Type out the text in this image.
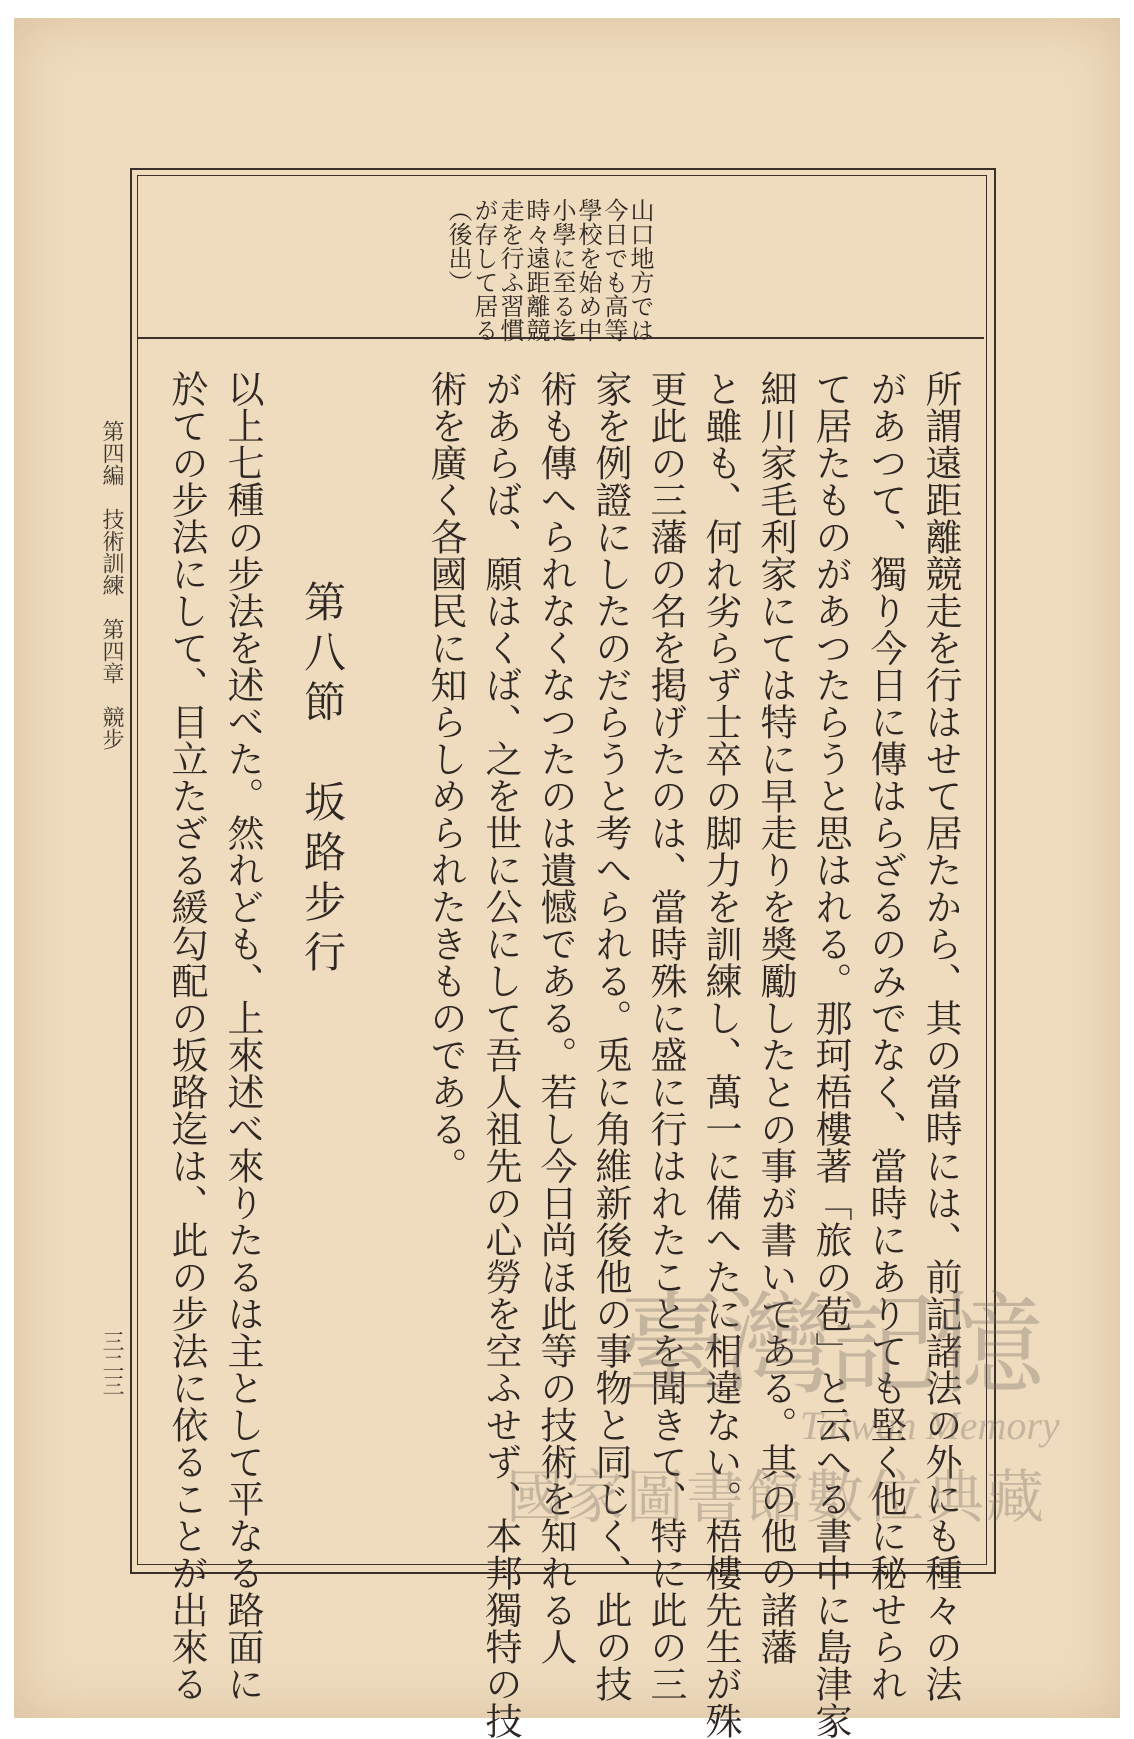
山口地方では
今日でも高等
學校を始め中
小學に至る迄
時々遠距離競
走を行ふ習慣
が存して居る
（後出）
所謂遠距離競走を行はせて居たから、其の當時には、前記諸法の外にも種々の法
があつて、獨り今日に傳はらざるのみでなく、當時にありても堅く他に秘せられ
て居たものがあつたらうと思はれる。那珂梧樓著「旅の苞」と云へる書中に島津家
細川家毛利家にては特に早走りを奬勵したとの事が書いてある。其の他の諸藩
と雖も、何れ劣らず士卒の脚力を訓練し、萬一に備へたに相違ない。梧樓先生が殊
更此の三藩の名を掲げたのは、當時殊に盛に行はれたことを聞きて、特に此の三
家を例證にしたのだらうと考へられる。兎に角維新後他の事物と同じく、此の技
術も傳へられなくなつたのは遺憾である。若し今日尚ほ此等の技術を知れる人
があらば、願はくば、之を世に公にして吾人祖先の心勞を空ふせず、本邦獨特の技
術を廣く各國民に知らしめられたきものである。
第八節　坂路步行
以上七種の步法を述べた。然れども、上來述べ來りたるは主として平なる路面に
於ての步法にして、目立たざる緩勾配の坂路迄は、此の步法に依ることが出來る
第四編　技術訓練　第四章　競步
三二三	臺灣記憶
Taiwan Memory
國家圖書館數位典藏
